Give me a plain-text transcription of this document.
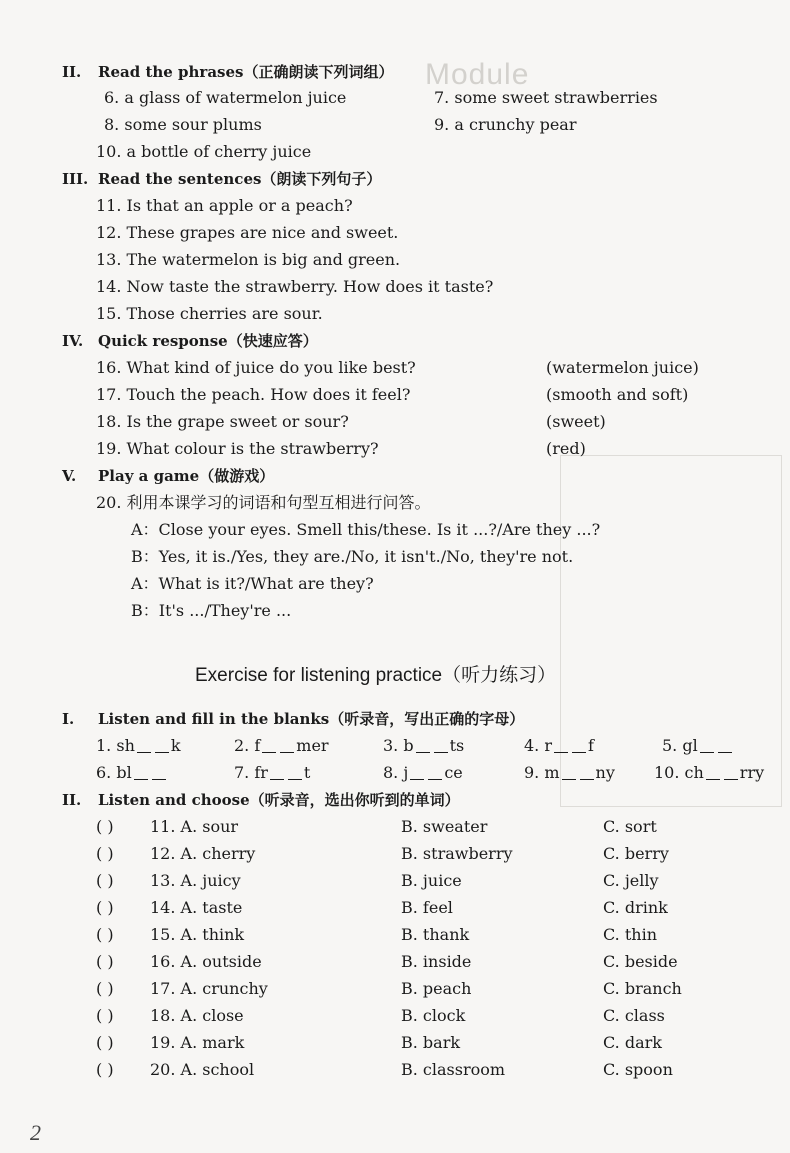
Module
II. Read the phrases（正确朗读下列词组）
6. a glass of watermelon juice	7. some sweet strawberries
8. some sour plums	9. a crunchy pear
10. a bottle of cherry juice
III. Read the sentences（朗读下列句子）
11. Is that an apple or a peach?
12. These grapes are nice and sweet.
13. The watermelon is big and green.
14. Now taste the strawberry. How does it taste?
15. Those cherries are sour.
IV. Quick response（快速应答）
16. What kind of juice do you like best?	(watermelon juice)
17. Touch the peach. How does it feel?	(smooth and soft)
18. Is the grape sweet or sour?	(sweet)
19. What colour is the strawberry?	(red)
V. Play a game（做游戏）
20. 利用本课学习的词语和句型互相进行问答。
A：Close your eyes. Smell this/these. Is it ...?/Are they ...?
B：Yes, it is./Yes, they are./No, it isn't./No, they're not.
A：What is it?/What are they?
B：It's .../They're ...
Exercise for listening practice（听力练习）
I. Listen and fill in the blanks（听录音，写出正确的字母）
1. sh k	2. f mer	3. b ts	4. r f	5. gl
6. bl	7. fr t	8. j ce	9. m ny 10. ch rry
II. Listen and choose（听录音，选出你听到的单词）
( ) 11. A. sour	B. sweater	C. sort
( ) 12. A. cherry	B. strawberry	C. berry
( ) 13. A. juicy	B. juice	C. jelly
( ) 14. A. taste	B. feel	C. drink
( ) 15. A. think	B. thank	C. thin
( ) 16. A. outside	B. inside	C. beside
( ) 17. A. crunchy	B. peach	C. branch
( ) 18. A. close	B. clock	C. class
( ) 19. A. mark	B. bark	C. dark
( ) 20. A. school	B. classroom	C. spoon
2
